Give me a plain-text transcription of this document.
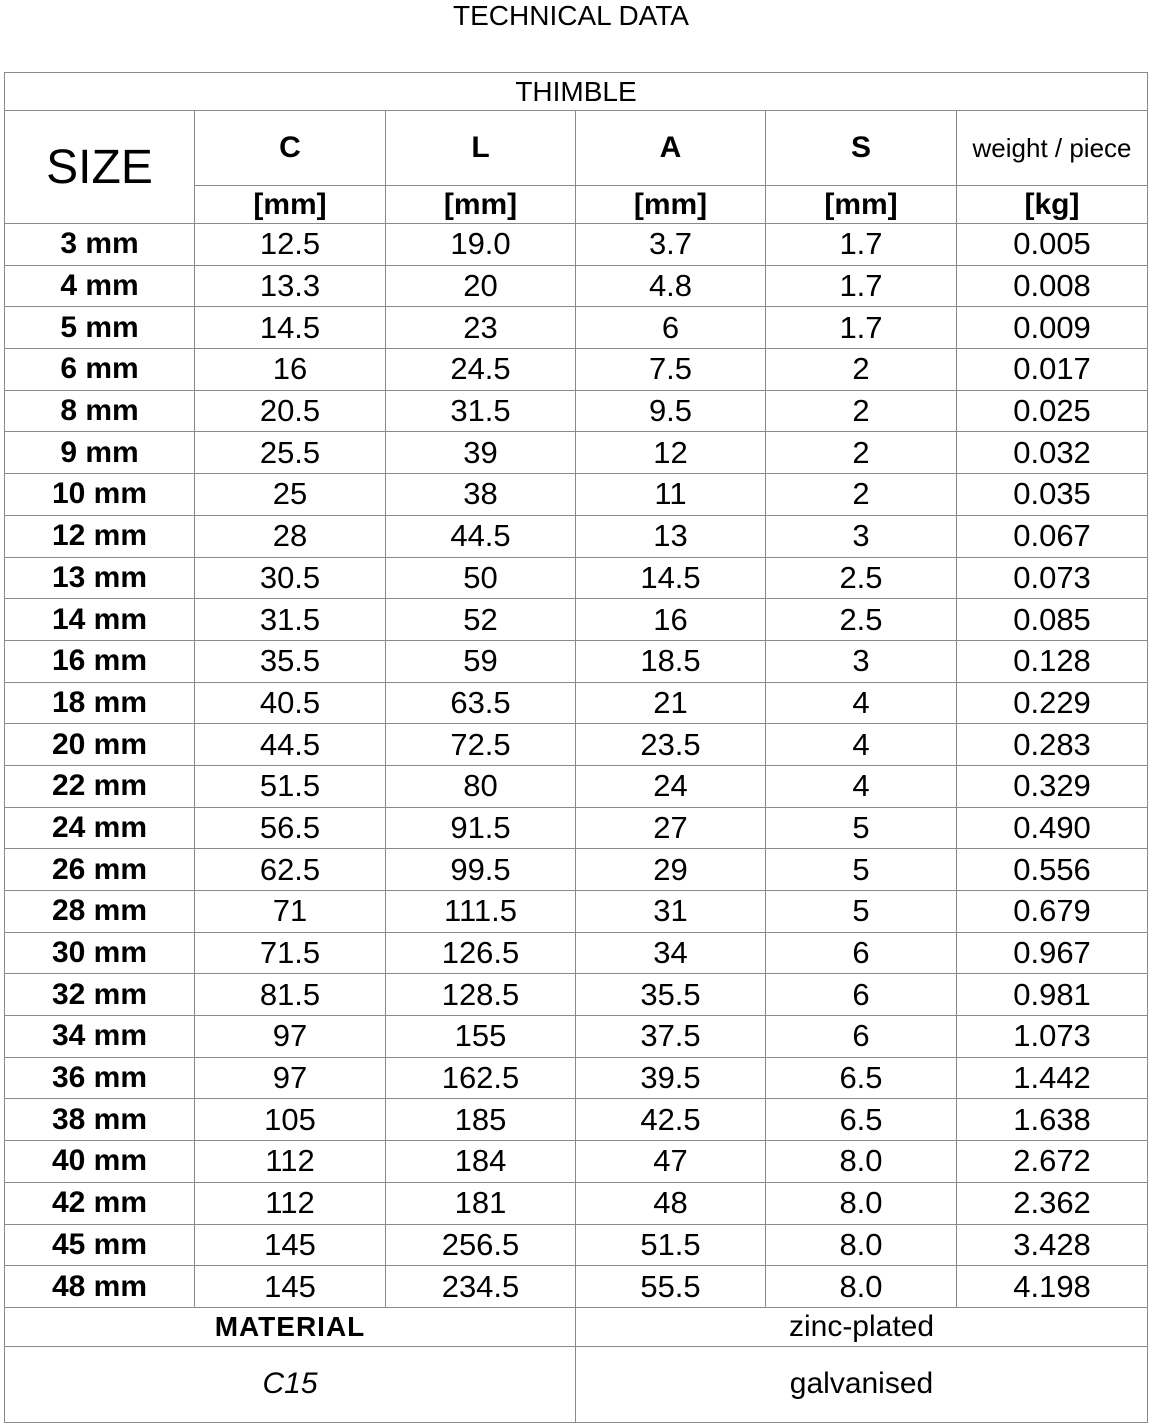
TECHNICAL DATA
THIMBLE					
SIZE	C	L	A	S	weight / piece
	[mm]	[mm]	[mm]	[mm]	[kg]
3 mm	12.5	19.0	3.7	1.7	0.005
4 mm	13.3	20	4.8	1.7	0.008
5 mm	14.5	23	6	1.7	0.009
6 mm	16	24.5	7.5	2	0.017
8 mm	20.5	31.5	9.5	2	0.025
9 mm	25.5	39	12	2	0.032
10 mm	25	38	11	2	0.035
12 mm	28	44.5	13	3	0.067
13 mm	30.5	50	14.5	2.5	0.073
14 mm	31.5	52	16	2.5	0.085
16 mm	35.5	59	18.5	3	0.128
18 mm	40.5	63.5	21	4	0.229
20 mm	44.5	72.5	23.5	4	0.283
22 mm	51.5	80	24	4	0.329
24 mm	56.5	91.5	27	5	0.490
26 mm	62.5	99.5	29	5	0.556
28 mm	71	111.5	31	5	0.679
30 mm	71.5	126.5	34	6	0.967
32 mm	81.5	128.5	35.5	6	0.981
34 mm	97	155	37.5	6	1.073
36 mm	97	162.5	39.5	6.5	1.442
38 mm	105	185	42.5	6.5	1.638
40 mm	112	184	47	8.0	2.672
42 mm	112	181	48	8.0	2.362
45 mm	145	256.5	51.5	8.0	3.428
48 mm	145	234.5	55.5	8.0	4.198
MATERIAL			zinc-plated		
C15			galvanised		
